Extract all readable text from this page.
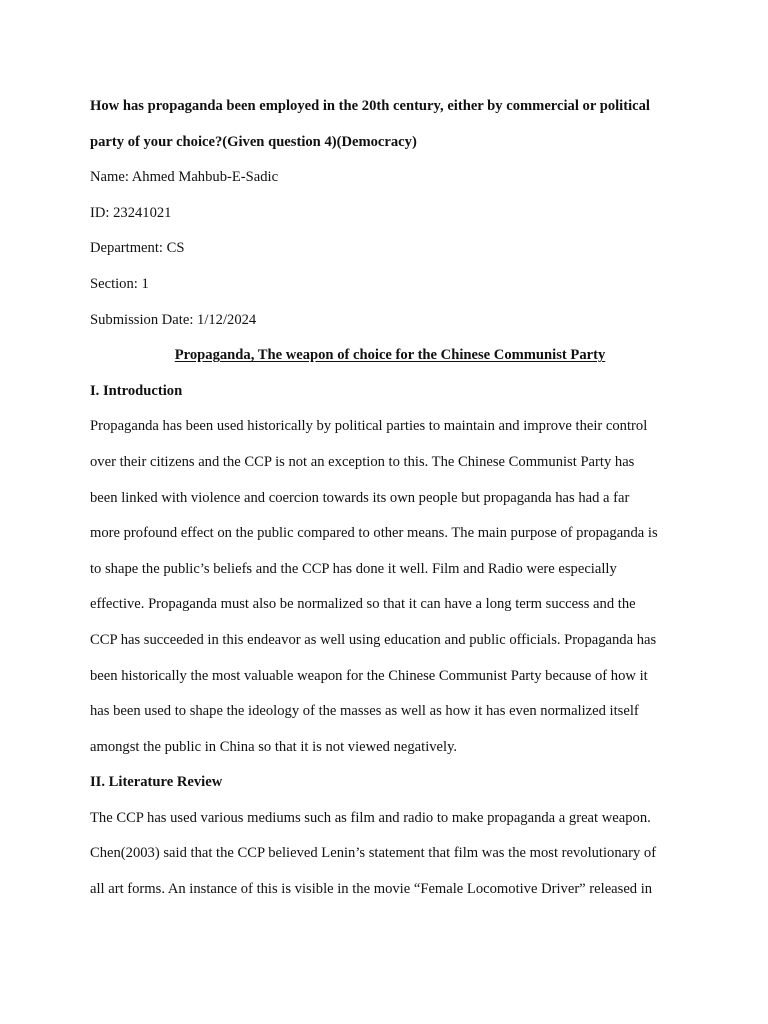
How has propaganda been employed in the 20th century, either by commercial or political

party of your choice?(Given question 4)(Democracy)

Name: Ahmed Mahbub-E-Sadic

ID: 23241021

Department: CS

Section: 1

Submission Date: 1/12/2024

Propaganda, The weapon of choice for the Chinese Communist Party

I. Introduction

Propaganda has been used historically by political parties to maintain and improve their control

over their citizens and the CCP is not an exception to this. The Chinese Communist Party has

been linked with violence and coercion towards its own people but propaganda has had a far

more profound effect on the public compared to other means. The main purpose of propaganda is

to shape the public’s beliefs and the CCP has done it well. Film and Radio were especially

effective. Propaganda must also be normalized so that it can have a long term success and the

CCP has succeeded in this endeavor as well using education and public officials. Propaganda has

been historically the most valuable weapon for the Chinese Communist Party because of how it

has been used to shape the ideology of the masses as well as how it has even normalized itself

amongst the public in China so that it is not viewed negatively.

II. Literature Review

The CCP has used various mediums such as film and radio to make propaganda a great weapon.

Chen(2003) said that the CCP believed Lenin’s statement that film was the most revolutionary of

all art forms. An instance of this is visible in the movie “Female Locomotive Driver” released in
